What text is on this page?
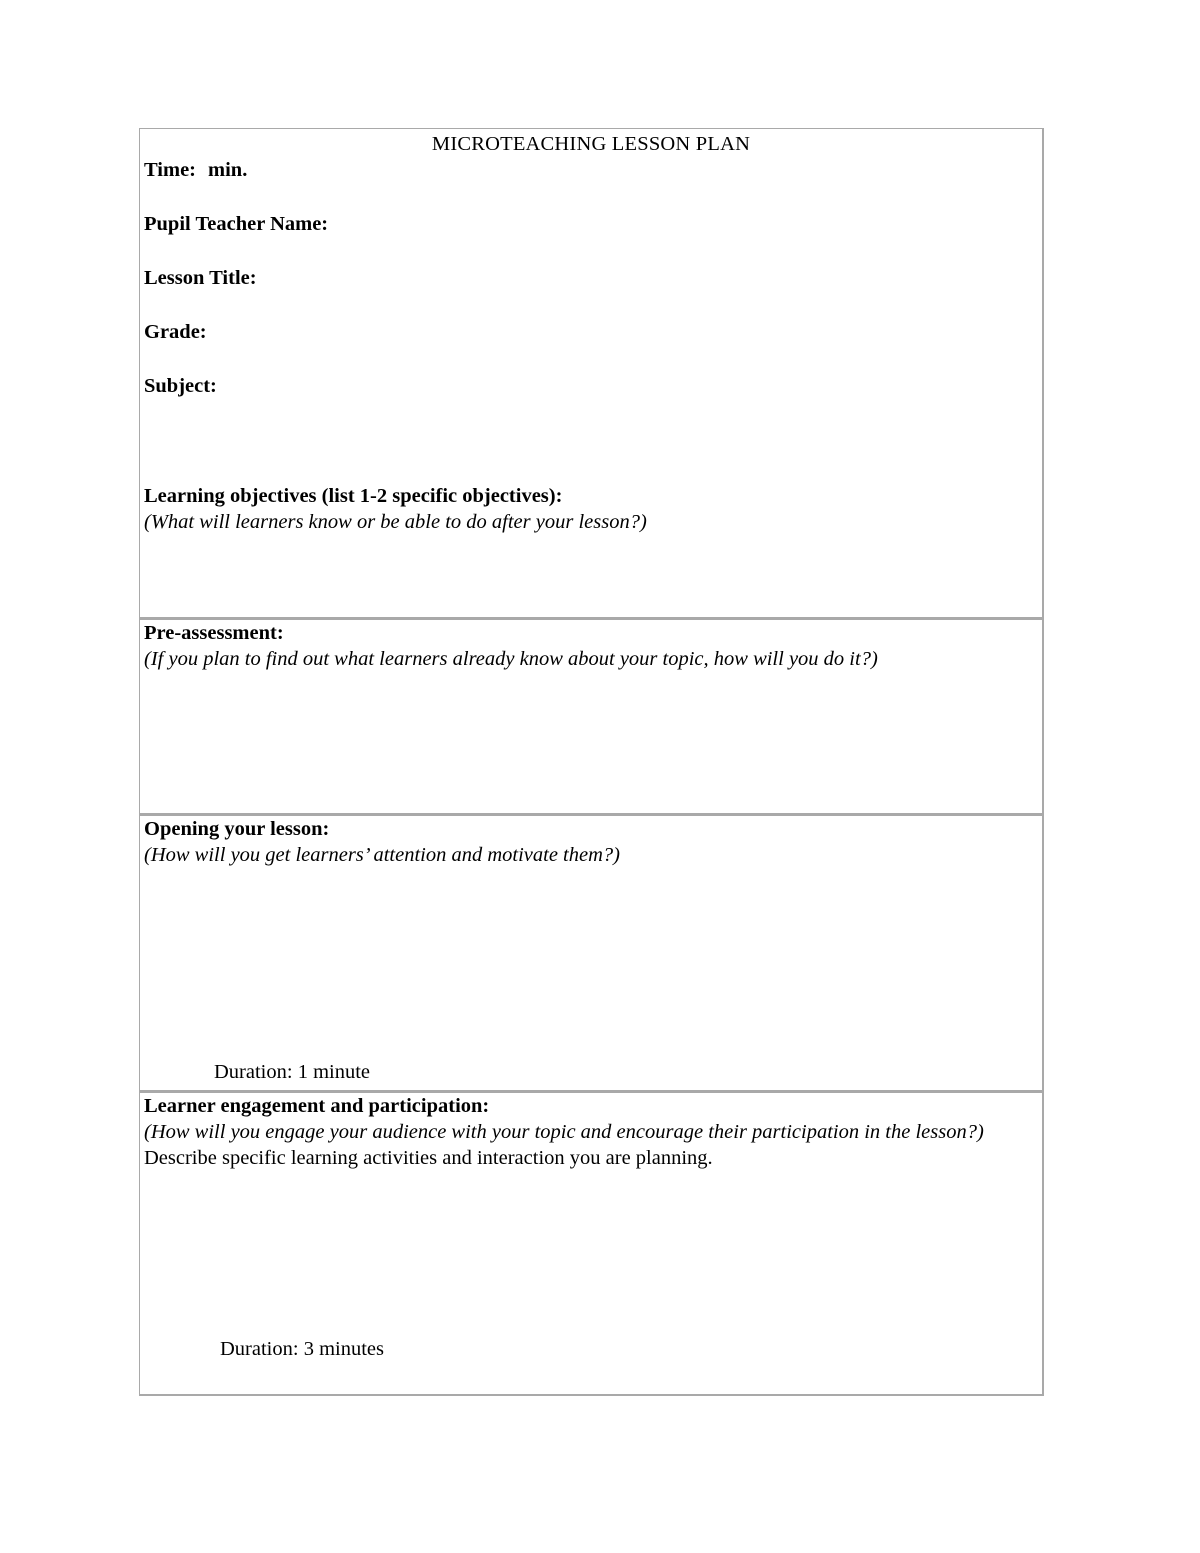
MICROTEACHING LESSON PLAN
Time: min.
Pupil Teacher Name:
Lesson Title:
Grade:
Subject:
Learning objectives (list 1-2 specific objectives):
(What will learners know or be able to do after your lesson?)
Pre-assessment:
(If you plan to find out what learners already know about your topic, how will you do it?)
Opening your lesson:
(How will you get learners’ attention and motivate them?)
Duration: 1 minute
Learner engagement and participation:
(How will you engage your audience with your topic and encourage their participation in the lesson?)
Describe specific learning activities and interaction you are planning.
Duration: 3 minutes
